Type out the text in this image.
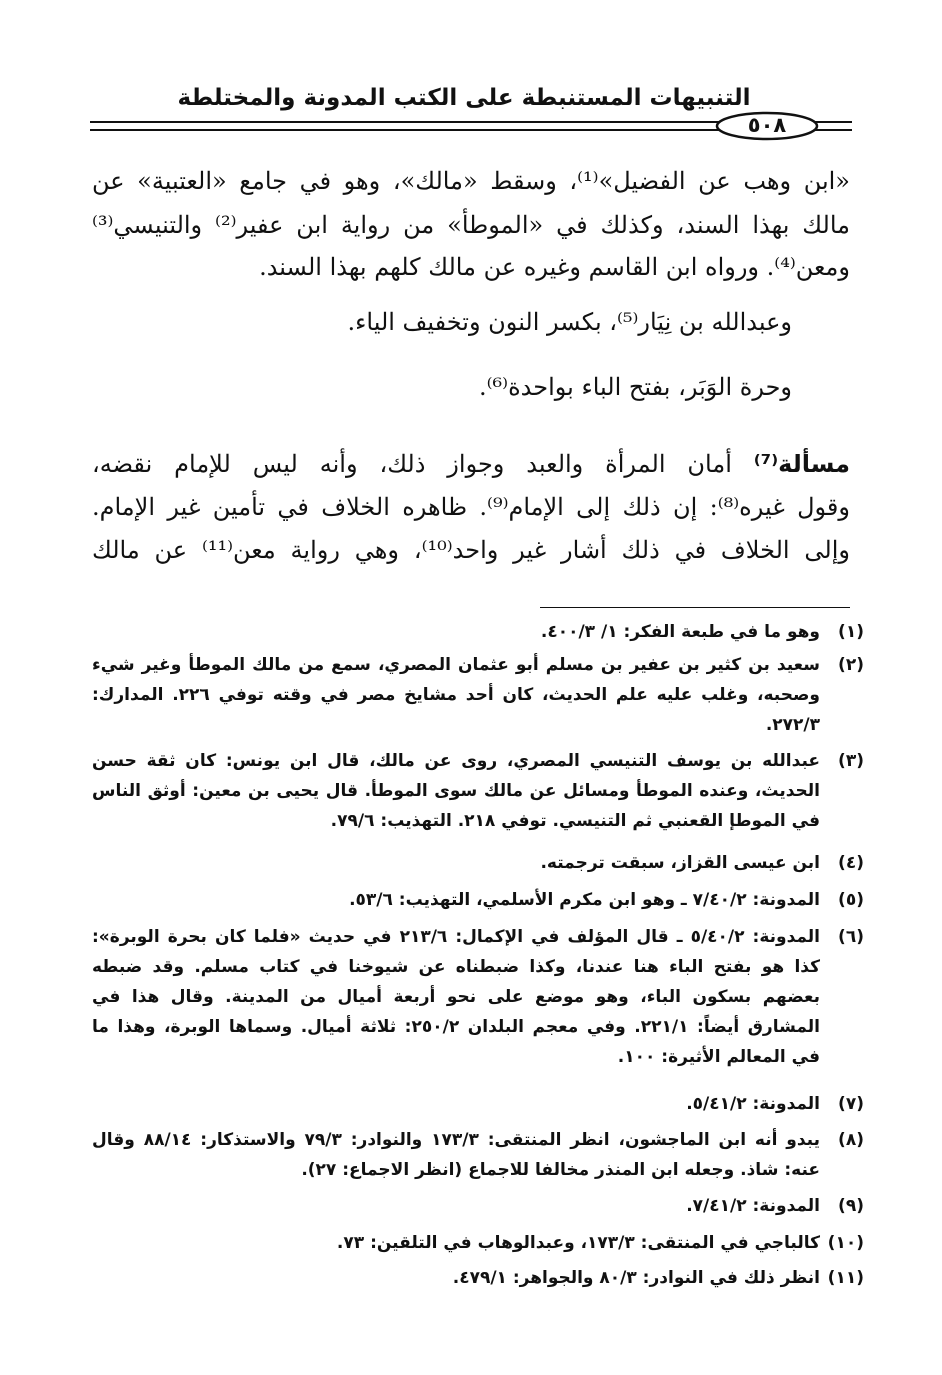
التنبيهات المستنبطة على الكتب المدونة والمختلطة
٥٠٨
«ابن وهب عن الفضيل»⁽¹⁾، وسقط «مالك»، وهو في جامع «العتبية» عن
مالك بهذا السند، وكذلك في «الموطأ» من رواية ابن عفير⁽²⁾ والتنيسي⁽³⁾
ومعن⁽⁴⁾. ورواه ابن القاسم وغيره عن مالك كلهم بهذا السند.
وعبدالله بن نِيَار⁽⁵⁾، بكسر النون وتخفيف الياء.
وحرة الوَبَر، بفتح الباء بواحدة⁽⁶⁾.
مسألة⁽⁷⁾ أمان المرأة والعبد وجواز ذلك، وأنه ليس للإمام نقضه،
وقول غيره⁽⁸⁾: إن ذلك إلى الإمام⁽⁹⁾. ظاهره الخلاف في تأمين غير الإمام.
وإلى الخلاف في ذلك أشار غير واحد⁽¹⁰⁾، وهي رواية معن⁽¹¹⁾ عن مالك
(١)
وهو ما في طبعة الفكر: ١/ ٤٠٠/٣.
(٢)
سعيد بن كثير بن عفير بن مسلم أبو عثمان المصري، سمع من مالك الموطأ وغير شيء وصحبه، وغلب عليه علم الحديث، كان أحد مشايخ مصر في وقته توفي ٢٢٦. المدارك: ٢٧٢/٣.
(٣)
عبدالله بن يوسف التنيسي المصري، روى عن مالك، قال ابن يونس: كان ثقة حسن الحديث، وعنده الموطأ ومسائل عن مالك سوى الموطأ. قال يحيى بن معين: أوثق الناس في الموطإ القعنبي ثم التنيسي. توفي ٢١٨. التهذيب: ٧٩/٦.
(٤)
ابن عيسى القزاز، سبقت ترجمته.
(٥)
المدونة: ٧/٤٠/٢ ـ وهو ابن مكرم الأسلمي، التهذيب: ٥٣/٦.
(٦)
المدونة: ٥/٤٠/٢ ـ قال المؤلف في الإكمال: ٢١٣/٦ في حديث «فلما كان بحرة الوبرة»: كذا هو بفتح الباء هنا عندنا، وكذا ضبطناه عن شيوخنا في كتاب مسلم. وقد ضبطه بعضهم بسكون الباء، وهو موضع على نحو أربعة أميال من المدينة. وقال هذا في المشارق أيضاً: ٢٢١/١. وفي معجم البلدان ٢٥٠/٢: ثلاثة أميال. وسماها الوبرة، وهذا ما في المعالم الأثيرة: ١٠٠.
(٧)
المدونة: ٥/٤١/٢.
(٨)
يبدو أنه ابن الماجشون، انظر المنتقى: ١٧٣/٣ والنوادر: ٧٩/٣ والاستذكار: ٨٨/١٤ وقال عنه: شاذ. وجعله ابن المنذر مخالفا للاجماع (انظر الاجماع: ٢٧).
(٩)
المدونة: ٧/٤١/٢.
(١٠)
كالباجي في المنتقى: ١٧٣/٣، وعبدالوهاب في التلقين: ٧٣.
(١١)
انظر ذلك في النوادر: ٨٠/٣ والجواهر: ٤٧٩/١.
